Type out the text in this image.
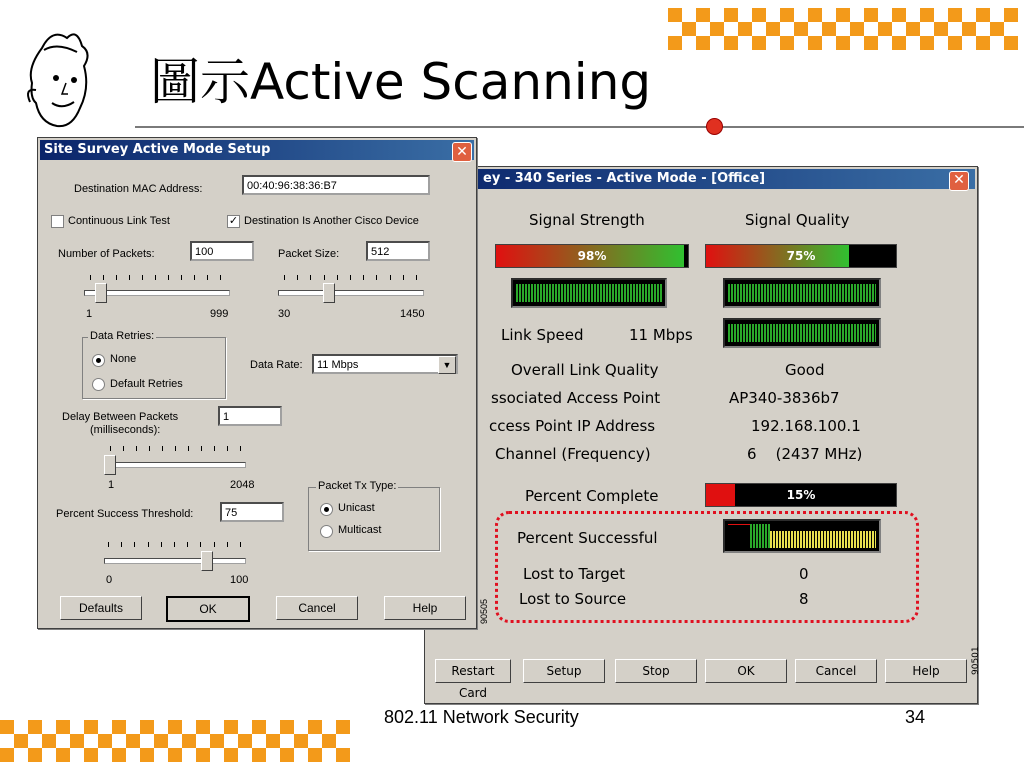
圖示Active Scanning
ey - 340 Series - Active Mode - [Office]	✕
Signal Strength	Signal Quality
98%	75%
Link Speed	11 Mbps
Overall Link Quality	Good
ssociated Access Point	AP340-3836b7
ccess Point IP Address	192.168.100.1
Channel (Frequency)	6    (2437 MHz)
Percent Complete	15%
Percent Successful
Lost to Target	0
Lost to Source	8
Restart Card
Setup	Stop	OK	Cancel	Help	90501
Site Survey Active Mode Setup	✕
Destination MAC Address:	00:40:96:38:36:B7
Continuous Link Test	✓ Destination Is Another Cisco Device
Number of Packets:	100	Packet Size:	512
1	999	30	1450
Data Retries:
None
Default Retries
Data Rate:	11 Mbps	▼
Delay Between Packets
(milliseconds):
1
1	2048	Packet Tx Type:
Unicast
Multicast
Percent Success Threshold:	75
0	100
Defaults	OK	Cancel	Help	90505
802.11 Network Security	34
